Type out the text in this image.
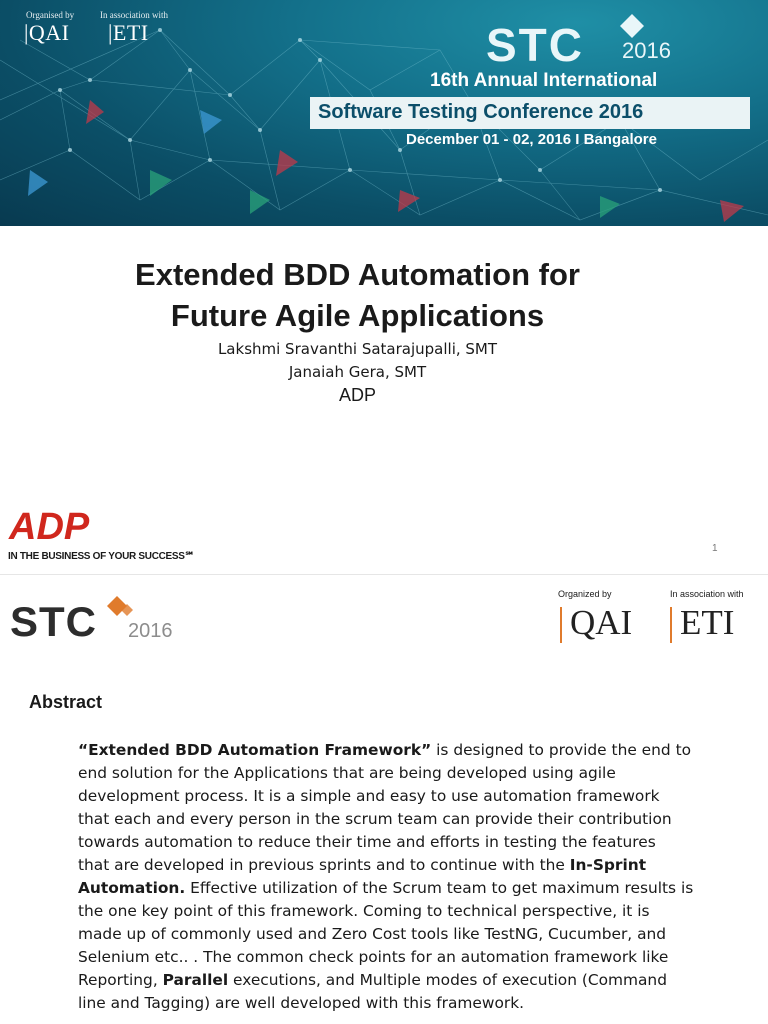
Organised by	In association with
|QAI |ETI	STC 2016
16th Annual International
Software Testing Conference 2016
December 01 - 02, 2016 I Bangalore
Extended BDD Automation for
Future Agile Applications
Lakshmi Sravanthi Satarajupalli, SMT
Janaiah Gera, SMT
ADP
ADP
IN THE BUSINESS OF YOUR SUCCESS℠
1
STC 2016
Organized by	In association with
QAI ETI
Abstract
“Extended BDD Automation Framework” is designed to provide the end to
end solution for the Applications that are being developed using agile
development process. It is a simple and easy to use automation framework
that each and every person in the scrum team can provide their contribution
towards automation to reduce their time and efforts in testing the features
that are developed in previous sprints and to continue with the In-Sprint
Automation. Effective utilization of the Scrum team to get maximum results is
the one key point of this framework. Coming to technical perspective, it is
made up of commonly used and Zero Cost tools like TestNG, Cucumber, and
Selenium etc.. . The common check points for an automation framework like
Reporting, Parallel executions, and Multiple modes of execution (Command
line and Tagging) are well developed with this framework.
